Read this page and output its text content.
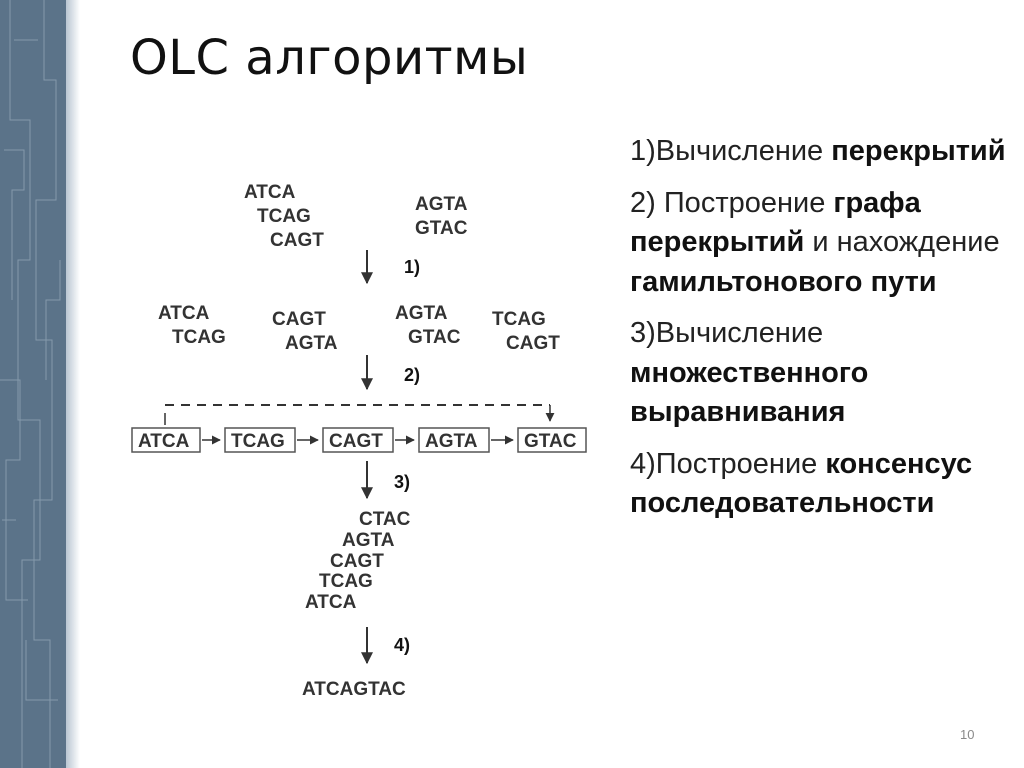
OLC алгоритмы
ATCA
TCAG
CAGT
AGTA
GTAC
1)
ATCA
TCAG
CAGT
AGTA
AGTA
GTAC
TCAG
CAGT
2)
ATCA TCAG CAGT AGTA GTAC
3)
CTAC
AGTA
CAGT
TCAG
ATCA
4)
ATCAGTAC

1)Вычисление перекрытий

2) Построение графа перекрытий и нахождение гамильтонового пути

3)Вычисление множественного выравнивания

4)Построение консенсус последовательности

10
